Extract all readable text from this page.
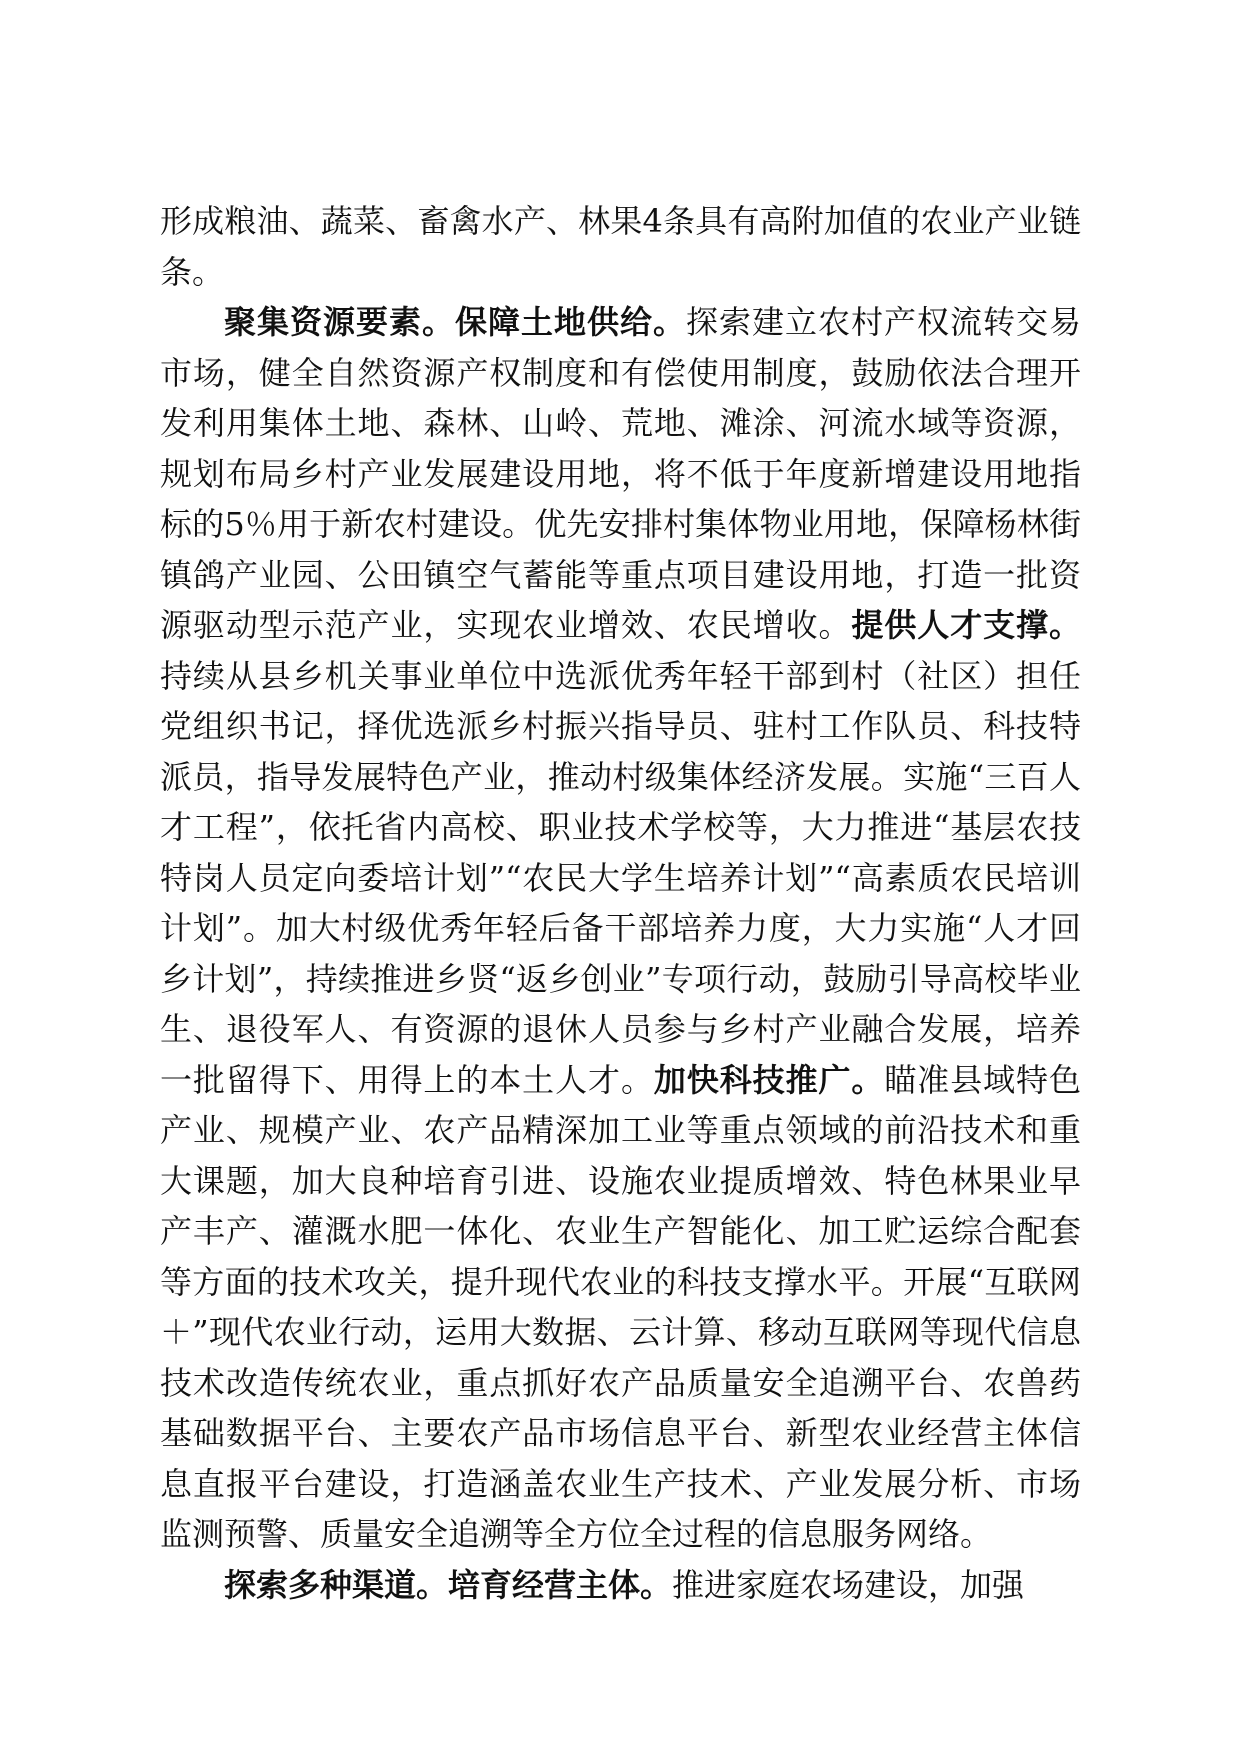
形成粮油、蔬菜、畜禽水产、林果4条具有高附加值的农业产业链条。

聚集资源要素。保障土地供给。探索建立农村产权流转交易市场，健全自然资源产权制度和有偿使用制度，鼓励依法合理开发利用集体土地、森林、山岭、荒地、滩涂、河流水域等资源，规划布局乡村产业发展建设用地，将不低于年度新增建设用地指标的5％用于新农村建设。优先安排村集体物业用地，保障杨林街镇鸽产业园、公田镇空气蓄能等重点项目建设用地，打造一批资源驱动型示范产业，实现农业增效、农民增收。提供人才支撑。持续从县乡机关事业单位中选派优秀年轻干部到村（社区）担任党组织书记，择优选派乡村振兴指导员、驻村工作队员、科技特派员，指导发展特色产业，推动村级集体经济发展。实施“三百人才工程”，依托省内高校、职业技术学校等，大力推进“基层农技特岗人员定向委培计划”“农民大学生培养计划”“高素质农民培训计划”。加大村级优秀年轻后备干部培养力度，大力实施“人才回乡计划”，持续推进乡贤“返乡创业”专项行动，鼓励引导高校毕业生、退役军人、有资源的退休人员参与乡村产业融合发展，培养一批留得下、用得上的本土人才。加快科技推广。瞄准县域特色产业、规模产业、农产品精深加工业等重点领域的前沿技术和重大课题，加大良种培育引进、设施农业提质增效、特色林果业早产丰产、灌溉水肥一体化、农业生产智能化、加工贮运综合配套等方面的技术攻关，提升现代农业的科技支撑水平。开展“互联网＋”现代农业行动，运用大数据、云计算、移动互联网等现代信息技术改造传统农业，重点抓好农产品质量安全追溯平台、农兽药基础数据平台、主要农产品市场信息平台、新型农业经营主体信息直报平台建设，打造涵盖农业生产技术、产业发展分析、市场监测预警、质量安全追溯等全方位全过程的信息服务网络。

探索多种渠道。培育经营主体。推进家庭农场建设，加强
